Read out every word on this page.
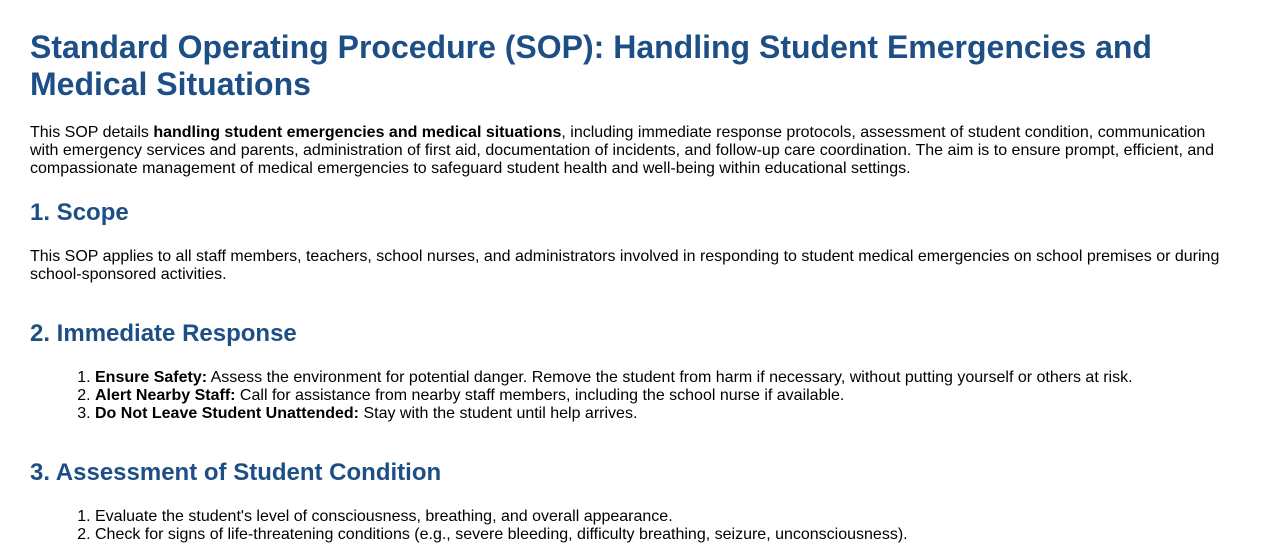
Standard Operating Procedure (SOP): Handling Student Emergencies and Medical Situations

This SOP details handling student emergencies and medical situations, including immediate response protocols, assessment of student condition, communication with emergency services and parents, administration of first aid, documentation of incidents, and follow-up care coordination. The aim is to ensure prompt, efficient, and compassionate management of medical emergencies to safeguard student health and well-being within educational settings.

1. Scope

This SOP applies to all staff members, teachers, school nurses, and administrators involved in responding to student medical emergencies on school premises or during school-sponsored activities.

2. Immediate Response
1. Ensure Safety: Assess the environment for potential danger. Remove the student from harm if necessary, without putting yourself or others at risk.
2. Alert Nearby Staff: Call for assistance from nearby staff members, including the school nurse if available.
3. Do Not Leave Student Unattended: Stay with the student until help arrives.
3. Assessment of Student Condition
1. Evaluate the student's level of consciousness, breathing, and overall appearance.
2. Check for signs of life-threatening conditions (e.g., severe bleeding, difficulty breathing, seizure, unconsciousness).
